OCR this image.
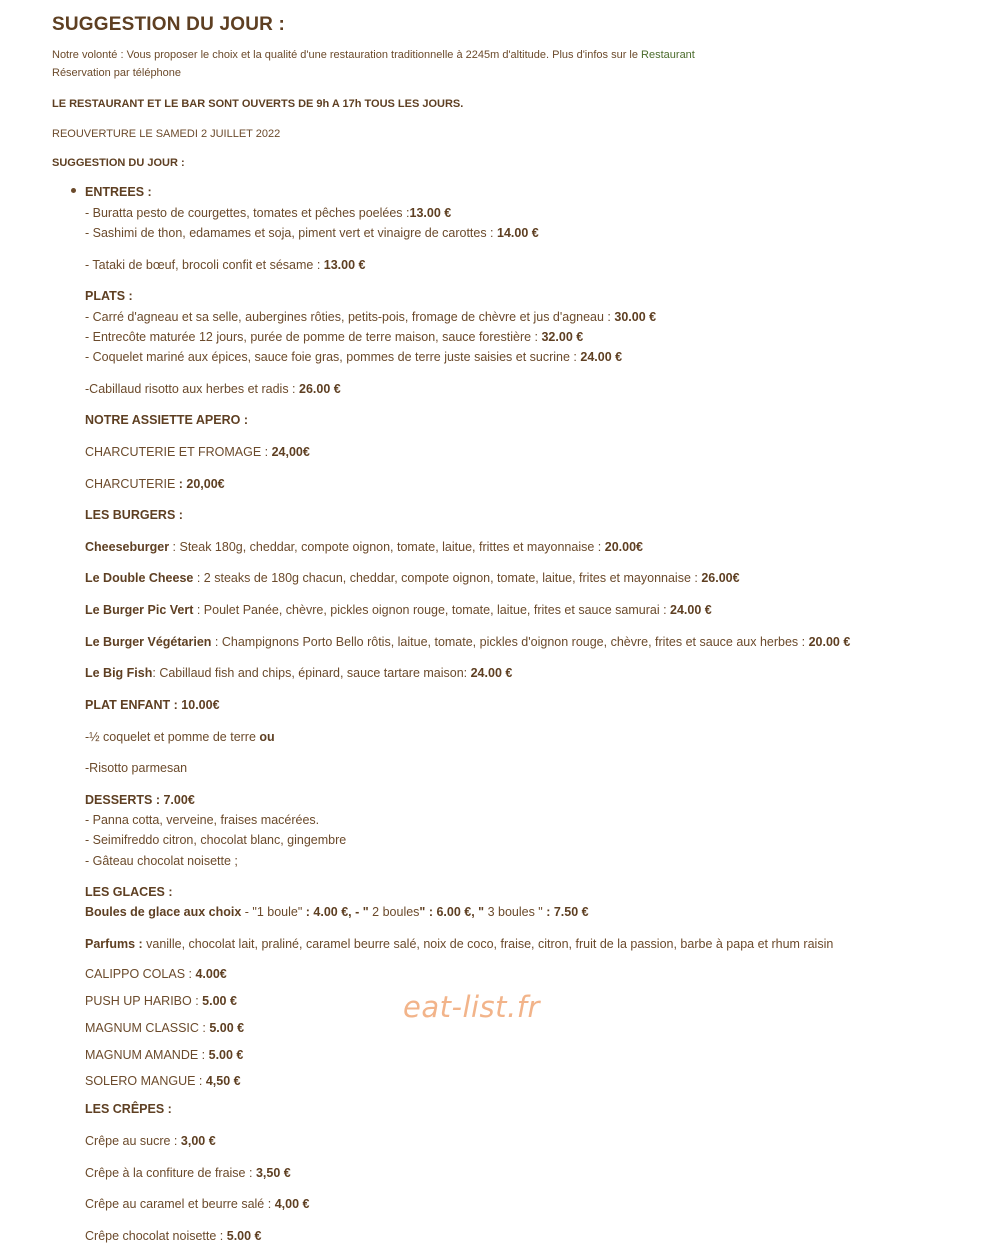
SUGGESTION DU JOUR :
Notre volonté : Vous proposer le choix et la qualité d'une restauration traditionnelle à 2245m d'altitude. Plus d'infos sur le Restaurant
Réservation par téléphone
LE RESTAURANT ET LE BAR SONT OUVERTS DE 9h A 17h TOUS LES JOURS.
REOUVERTURE LE SAMEDI 2 JUILLET 2022
SUGGESTION DU JOUR :
ENTREES :
- Buratta pesto de courgettes, tomates et pêches poelées :13.00 €
- Sashimi de thon, edamames et soja, piment vert et vinaigre de carottes : 14.00 €
- Tataki de bœuf, brocoli confit et sésame : 13.00 €
PLATS :
- Carré d'agneau et sa selle, aubergines rôties, petits-pois, fromage de chèvre et jus d'agneau : 30.00 €
- Entrecôte maturée 12 jours, purée de pomme de terre maison, sauce forestière : 32.00 €
- Coquelet mariné aux épices, sauce foie gras, pommes de terre juste saisies et sucrine : 24.00 €
-Cabillaud risotto aux herbes et radis : 26.00 €
NOTRE ASSIETTE APERO :
CHARCUTERIE ET FROMAGE : 24,00€
CHARCUTERIE : 20,00€
LES BURGERS :
Cheeseburger : Steak 180g, cheddar, compote oignon, tomate, laitue, frittes et mayonnaise : 20.00€
Le Double Cheese : 2 steaks de 180g chacun, cheddar, compote oignon, tomate, laitue, frites et mayonnaise : 26.00€
Le Burger Pic Vert : Poulet Panée, chèvre, pickles oignon rouge, tomate, laitue, frites et sauce samurai : 24.00 €
Le Burger Végétarien : Champignons Porto Bello rôtis, laitue, tomate, pickles d'oignon rouge, chèvre, frites et sauce aux herbes : 20.00 €
Le Big Fish: Cabillaud fish and chips, épinard, sauce tartare maison: 24.00 €
PLAT ENFANT : 10.00€
-½ coquelet et pomme de terre ou
-Risotto parmesan
DESSERTS : 7.00€
- Panna cotta, verveine, fraises macérées.
- Seimifreddo citron, chocolat blanc, gingembre
- Gâteau chocolat noisette ;
LES GLACES :
Boules de glace aux choix - "1 boule" : 4.00 €, - " 2 boules" : 6.00 €, " 3 boules " : 7.50 €
Parfums : vanille, chocolat lait, praliné, caramel beurre salé, noix de coco, fraise, citron, fruit de la passion, barbe à papa et rhum raisin
CALIPPO COLAS : 4.00€
PUSH UP HARIBO : 5.00 €
MAGNUM CLASSIC : 5.00 €
MAGNUM AMANDE : 5.00 €
SOLERO MANGUE : 4,50 €
LES CRÊPES :
Crêpe au sucre : 3,00 €
Crêpe à la confiture de fraise : 3,50 €
Crêpe au caramel et beurre salé : 4,00 €
Crêpe chocolat noisette : 5.00 €
eat-list.fr
